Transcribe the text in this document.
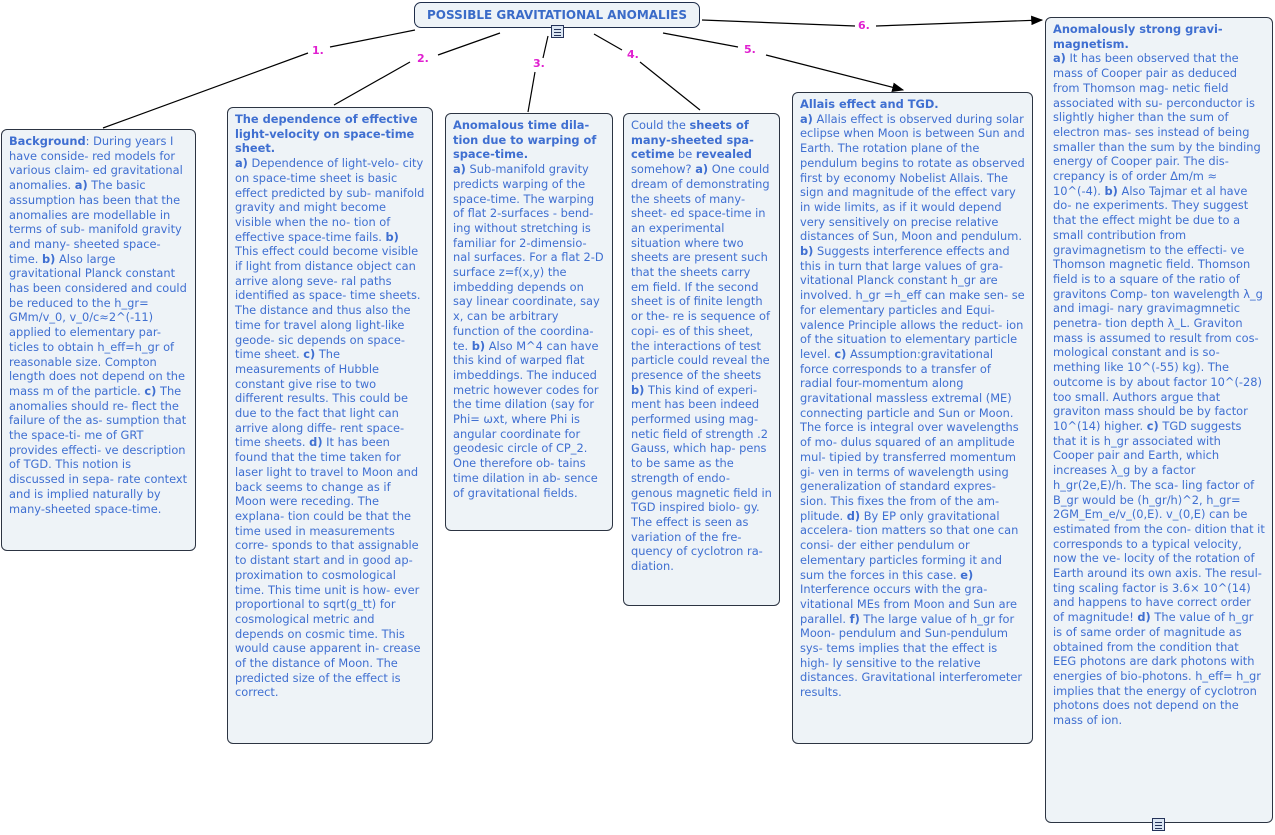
POSSIBLE GRAVITATIONAL ANOMALIES
1.
2.	3.
4.	5.
6.
Background: During years I have conside- red models for various claim- ed gravitational anomalies. a) The basic assumption has been that the anomalies are modellable in terms of sub- manifold gravity and many- sheeted space-time. b) Also large gravitational Planck constant has been considered and could be reduced to the h_gr= GMm/v_0, v_0/c≈2^(-11) applied to elementary par- ticles to obtain h_eff=h_gr of reasonable size. Compton length does not depend on the mass m of the particle. c) The anomalies should re- flect the failure of the as- sumption that the space-ti- me of GRT provides effecti- ve description of TGD. This notion is discussed in sepa- rate context and is implied naturally by many-sheeted space-time.
The dependence of effective light-velocity on space-time sheet.
a) Dependence of light-velo- city on space-time sheet is basic effect predicted by sub- manifold gravity and might become visible when the no- tion of effective space-time fails. b) This effect could become visible if light from distance object can arrive along seve- ral paths identified as space- time sheets. The distance and thus also the time for travel along light-like geode- sic depends on space-time sheet. c) The measurements of Hubble constant give rise to two different results. This could be due to the fact that light can arrive along diffe- rent space-time sheets. d) It has been found that the time taken for laser light to travel to Moon and back seems to change as if Moon were receding. The explana- tion could be that the time used in measurements corre- sponds to that assignable to distant start and in good ap- proximation to cosmological time. This time unit is how- ever proportional to sqrt(g_tt) for cosmological metric and depends on cosmic time. This would cause apparent in- crease of the distance of Moon. The predicted size of the effect is correct.
Anomalous time dila- tion due to warping of space-time.
a) Sub-manifold gravity predicts warping of the space-time. The warping of flat 2-surfaces - bend- ing without stretching is familiar for 2-dimensio- nal surfaces. For a flat 2-D surface z=f(x,y) the imbedding depends on say linear coordinate, say x, can be arbitrary function of the coordina- te. b) Also M^4 can have this kind of warped flat imbeddings. The induced metric however codes for the time dilation (say for Phi= ωxt, where Phi is angular coordinate for geodesic circle of CP_2. One therefore ob- tains time dilation in ab- sence of gravitational fields.
Could the sheets of many-sheeted spa- cetime be revealed somehow? a) One could dream of demonstrating the sheets of many-sheet- ed space-time in an experimental situation where two sheets are present such that the sheets carry em field. If the second sheet is of finite length or the- re is sequence of copi- es of this sheet, the interactions of test particle could reveal the presence of the sheets b) This kind of experi- ment has been indeed performed using mag- netic field of strength .2 Gauss, which hap- pens to be same as the strength of endo- genous magnetic field in TGD inspired biolo- gy. The effect is seen as variation of the fre- quency of cyclotron ra- diation.
Allais effect and TGD.
a) Allais effect is observed during solar eclipse when Moon is between Sun and Earth. The rotation plane of the pendulum begins to rotate as observed first by economy Nobelist Allais. The sign and magnitude of the effect vary in wide limits, as if it would depend very sensitively on precise relative distances of Sun, Moon and pendulum. b) Suggests interference effects and this in turn that large values of gra- vitational Planck constant h_gr are involved. h_gr =h_eff can make sen- se for elementary particles and Equi- valence Principle allows the reduct- ion of the situation to elementary particle level. c) Assumption:gravitational force corresponds to a transfer of radial four-momentum along gravitational massless extremal (ME) connecting particle and Sun or Moon. The force is integral over wavelengths of mo- dulus squared of an amplitude mul- tipied by transferred momentum gi- ven in terms of wavelength using generalization of standard expres- sion. This fixes the from of the am- plitude. d) By EP only gravitational accelera- tion matters so that one can consi- der either pendulum or elementary particles forming it and sum the forces in this case. e) Interference occurs with the gra- vitational MEs from Moon and Sun are parallel. f) The large value of h_gr for Moon- pendulum and Sun-pendulum sys- tems implies that the effect is high- ly sensitive to the relative distances. Gravitational interferometer results.
Anomalously strong gravi- magnetism.
a) It has been observed that the mass of Cooper pair as deduced from Thomson mag- netic field associated with su- perconductor is slightly higher than the sum of electron mas- ses instead of being smaller than the sum by the binding energy of Cooper pair. The dis- crepancy is of order Δm/m ≈ 10^(-4). b) Also Tajmar et al have do- ne experiments. They suggest that the effect might be due to a small contribution from gravimagnetism to the effecti- ve Thomson magnetic field. Thomson field is to a square of the ratio of gravitons Comp- ton wavelength λ_g and imagi- nary gravimagmnetic penetra- tion depth λ_L. Graviton mass is assumed to result from cos- mological constant and is so- mething like 10^(-55) kg). The outcome is by about factor 10^(-28) too small. Authors argue that graviton mass should be by factor 10^(14) higher. c) TGD suggests that it is h_gr associated with Cooper pair and Earth, which increases λ_g by a factor h_gr(2e,E)/h. The sca- ling factor of B_gr would be (h_gr/h)^2, h_gr= 2GM_Em_e/v_(0,E). v_(0,E) can be estimated from the con- dition that it corresponds to a typical velocity, now the ve- locity of the rotation of Earth around its own axis. The resul- ting scaling factor is 3.6× 10^(14) and happens to have correct order of magnitude! d) The value of h_gr is of same order of magnitude as obtained from the condition that EEG photons are dark photons with energies of bio-photons. h_eff= h_gr implies that the energy of cyclotron photons does not depend on the mass of ion.
